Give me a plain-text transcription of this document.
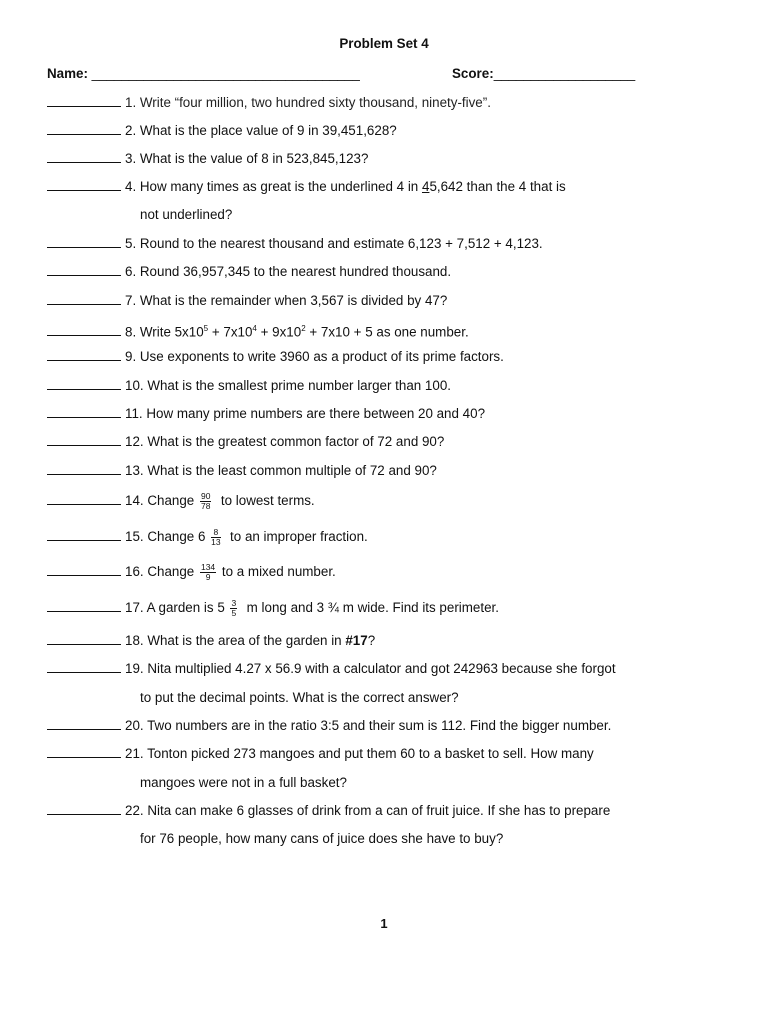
Problem Set 4
Name: ____________________________________	Score:___________________
1. Write “four million, two hundred sixty thousand, ninety-five”.
2. What is the place value of 9 in 39,451,628?
3. What is the value of 8 in 523,845,123?
4. How many times as great is the underlined 4 in 45,642 than the 4 that is
not underlined?
5. Round to the nearest thousand and estimate 6,123 + 7,512 + 4,123.
6. Round 36,957,345 to the nearest hundred thousand.
7. What is the remainder when 3,567 is divided by 47?
8. Write $5x10^5 + 7x10^4 + 9x10^2 + 7x10 + 5$ as one number.
9. Use exponents to write 3960 as a product of its prime factors.
10. What is the smallest prime number larger than 100.
11. How many prime numbers are there between 20 and 40?
12. What is the greatest common factor of 72 and 90?
13. What is the least common multiple of 72 and 90?
14. Change $\frac{90}{78}$ to lowest terms.
15. Change $6 \frac{8}{13}$ to an improper fraction.
16. Change $\frac{134}{9}$ to a mixed number.
17. A garden is $5 \frac{3}{5}$ m long and 3 ¾ m wide. Find its perimeter.
18. What is the area of the garden in #17?
19. Nita multiplied 4.27 x 56.9 with a calculator and got 242963 because she forgot
to put the decimal points. What is the correct answer?
20. Two numbers are in the ratio 3:5 and their sum is 112. Find the bigger number.
21. Tonton picked 273 mangoes and put them 60 to a basket to sell. How many
mangoes were not in a full basket?
22. Nita can make 6 glasses of drink from a can of fruit juice. If she has to prepare
for 76 people, how many cans of juice does she have to buy?
1
